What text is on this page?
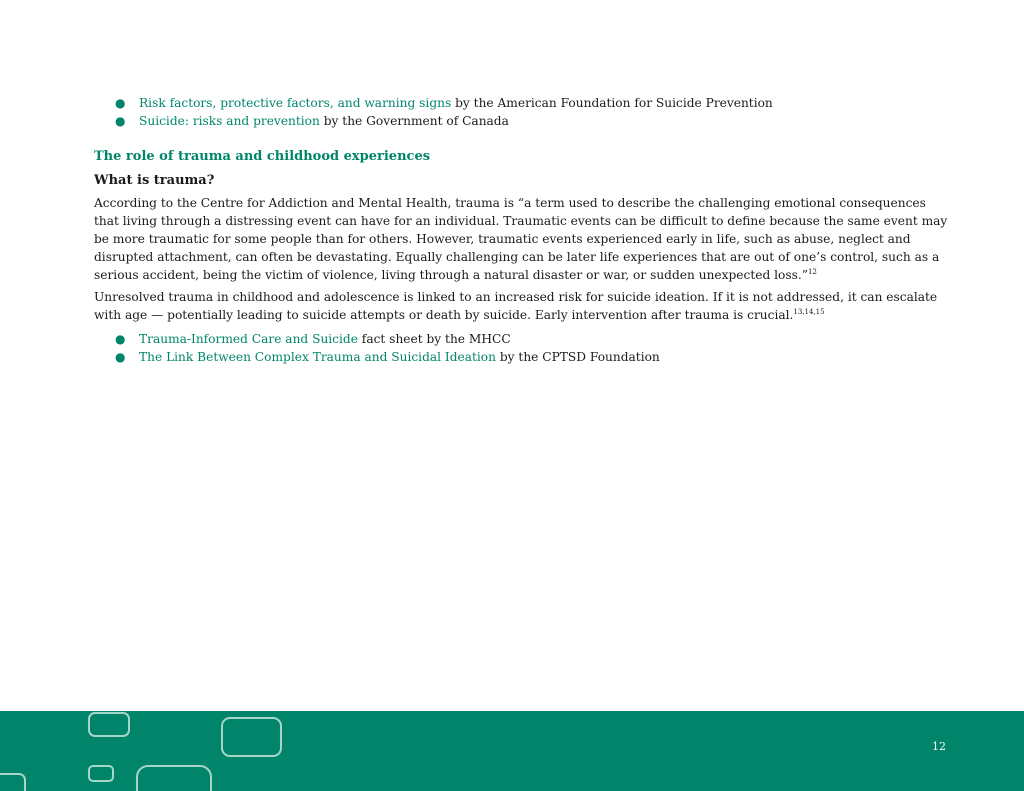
● Risk factors, protective factors, and warning signs by the American Foundation for Suicide Prevention
● Suicide: risks and prevention by the Government of Canada
The role of trauma and childhood experiences
What is trauma?

According to the Centre for Addiction and Mental Health, trauma is “a term used to describe the challenging emotional consequences that living through a distressing event can have for an individual. Traumatic events can be difficult to define because the same event may be more traumatic for some people than for others. However, traumatic events experienced early in life, such as abuse, neglect and disrupted attachment, can often be devastating. Equally challenging can be later life experiences that are out of one’s control, such as a serious accident, being the victim of violence, living through a natural disaster or war, or sudden unexpected loss.”$^{12}$

Unresolved trauma in childhood and adolescence is linked to an increased risk for suicide ideation. If it is not addressed, it can escalate with age — potentially leading to suicide attempts or death by suicide. Early intervention after trauma is crucial.$^{13,14,15}$

● Trauma-Informed Care and Suicide fact sheet by the MHCC
● The Link Between Complex Trauma and Suicidal Ideation by the CPTSD Foundation
12
